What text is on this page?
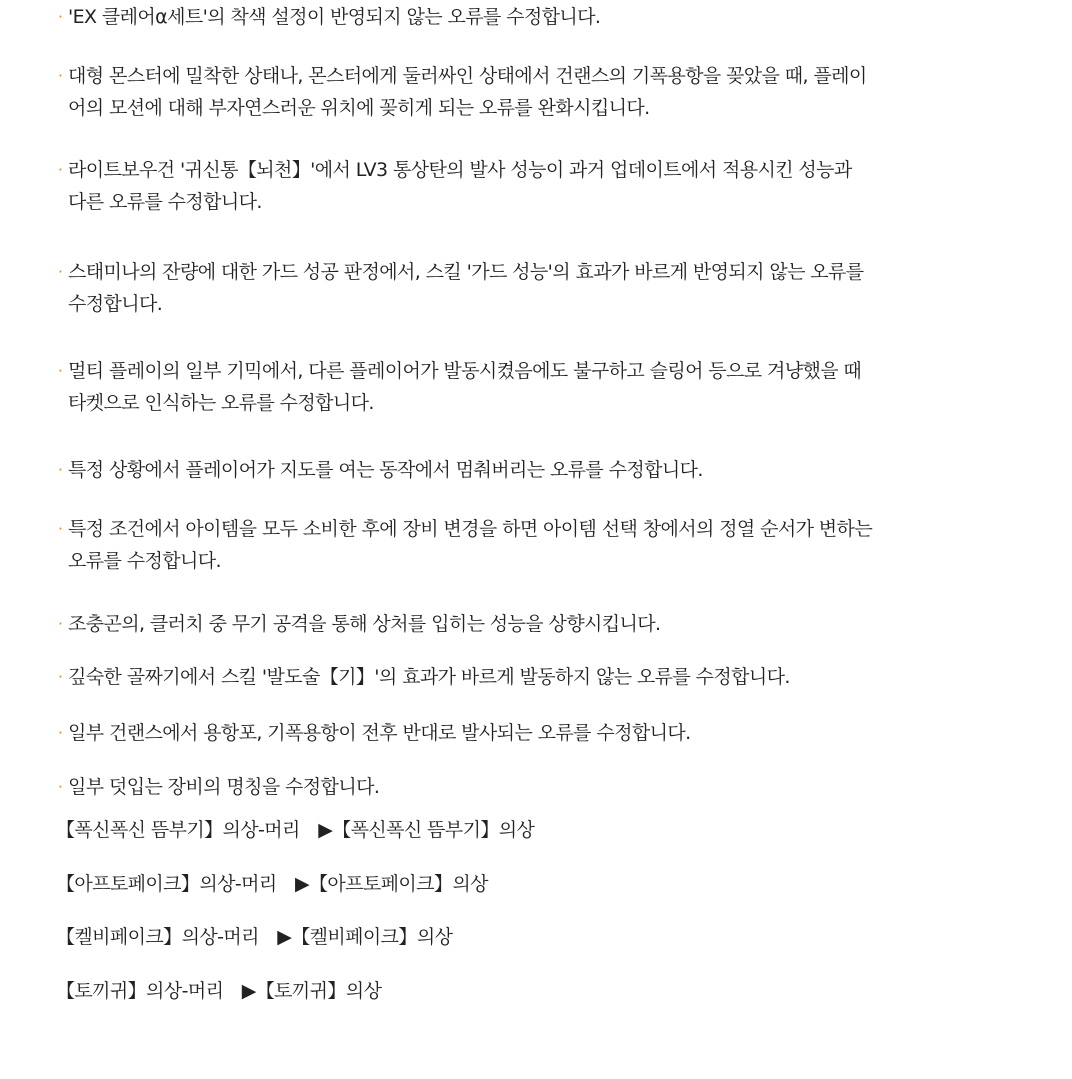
· 'EX 클레어α세트'의 착색 설정이 반영되지 않는 오류를 수정합니다.
· 대형 몬스터에 밀착한 상태나, 몬스터에게 둘러싸인 상태에서 건랜스의 기폭용항을 꽂았을 때, 플레이
어의 모션에 대해 부자연스러운 위치에 꽂히게 되는 오류를 완화시킵니다.
· 라이트보우건 '귀신통【뇌천】'에서 LV3 통상탄의 발사 성능이 과거 업데이트에서 적용시킨 성능과
다른 오류를 수정합니다.
· 스태미나의 잔량에 대한 가드 성공 판정에서, 스킬 '가드 성능'의 효과가 바르게 반영되지 않는 오류를
수정합니다.
· 멀티 플레이의 일부 기믹에서, 다른 플레이어가 발동시켰음에도 불구하고 슬링어 등으로 겨냥했을 때
타켓으로 인식하는 오류를 수정합니다.
· 특정 상황에서 플레이어가 지도를 여는 동작에서 멈춰버리는 오류를 수정합니다.
· 특정 조건에서 아이템을 모두 소비한 후에 장비 변경을 하면 아이템 선택 창에서의 정열 순서가 변하는
오류를 수정합니다.
· 조충곤의, 클러치 중 무기 공격을 통해 상처를 입히는 성능을 상향시킵니다.
· 깊숙한 골짜기에서 스킬 '발도술【기】'의 효과가 바르게 발동하지 않는 오류를 수정합니다.
· 일부 건랜스에서 용항포, 기폭용항이 전후 반대로 발사되는 오류를 수정합니다.
· 일부 덧입는 장비의 명칭을 수정합니다.
【폭신폭신 뜸부기】의상-머리　▶【폭신폭신 뜸부기】의상
【아프토페이크】의상-머리　▶【아프토페이크】의상
【켈비페이크】의상-머리　▶【켈비페이크】의상
【토끼귀】의상-머리　▶【토끼귀】의상
